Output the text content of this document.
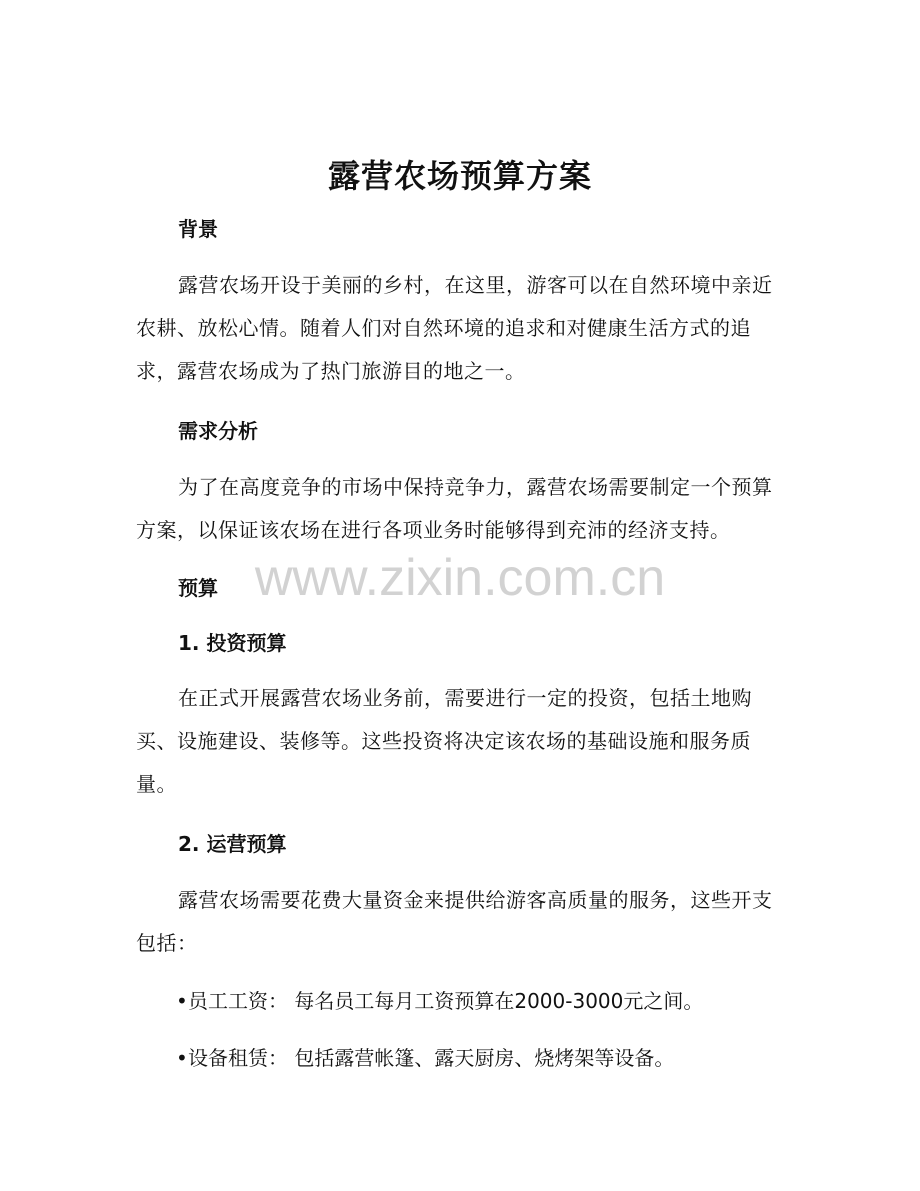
露营农场预算方案
背景

露营农场开设于美丽的乡村，在这里，游客可以在自然环境中亲近农耕、放松心情。随着人们对自然环境的追求和对健康生活方式的追求，露营农场成为了热门旅游目的地之一。

需求分析

为了在高度竞争的市场中保持竞争力，露营农场需要制定一个预算方案，以保证该农场在进行各项业务时能够得到充沛的经济支持。

预算
1. 投资预算

在正式开展露营农场业务前，需要进行一定的投资，包括土地购买、设施建设、装修等。这些投资将决定该农场的基础设施和服务质量。

2. 运营预算

露营农场需要花费大量资金来提供给游客高质量的服务，这些开支包括：

•员工工资： 每名员工每月工资预算在2000-3000元之间。
•设备租赁： 包括露营帐篷、露天厨房、烧烤架等设备。
www.zixin.com.cn
